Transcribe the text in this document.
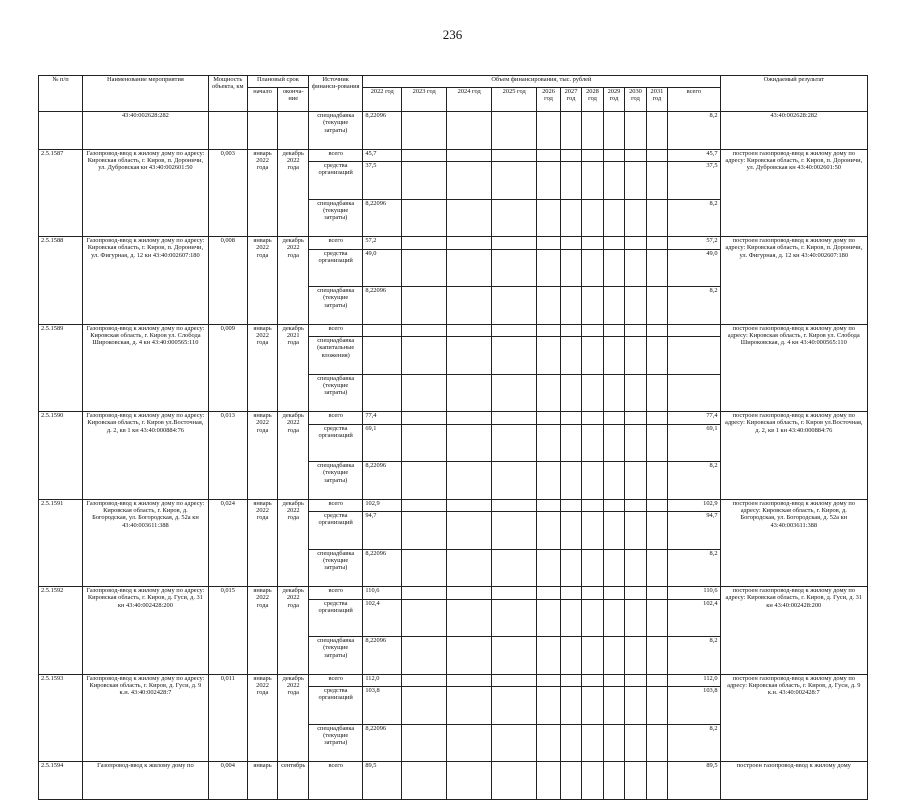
236
№ п/п	Наименование мероприятия	Мощность объекта, км	Плановый срок		Источник финанси-рования	Объем финансирования, тыс. рублей											Ожидаемый результат
			начало	оконча-ние		2022 год	2023 год	2024 год	2025 год	2026 год	2027 год	2028 год	2029 год	2030 год	2031 год	всего	

	43:40:002628:282				спецнадбавка (текущие затраты)	8,22096										8,2	43:40:002628:282
2.5.1587	Газопровод-ввод к жилому дому по адресу: Кировская область, г. Киров, п. Дороничи, ул. Дубровская кн 43:40:002601:50	0,003	январь 2022 года	декабрь 2022 года	всего	45,7										45,7	построен газопровод-ввод к жилому дому по адресу: Кировская область, г. Киров, п. Дороничи, ул. Дубровская кн 43:40:002601:50
					средства организаций	37,5										37,5	
					спецнадбавка (текущие затраты)	8,22096										8,2	
2.5.1588	Газопровод-ввод к жилому дому по адресу: Кировская область, г. Киров, п. Дороничи, ул. Фигурная, д. 12 кн 43:40:002607:180	0,008	январь 2022 года	декабрь 2022 года	всего	57,2										57,2	построен газопровод-ввод к жилому дому по адресу: Кировская область, г. Киров, п. Дороничи, ул. Фигурная, д. 12 кн 43:40:002607:180
					средства организаций	49,0										49,0	
					спецнадбавка (текущие затраты)	8,22096										8,2	
2.5.1589	Газопровод-ввод к жилому дому по адресу: Кировская область, г. Киров ул. Слобода Широковская, д. 4 кн 43:40:000565:110	0,009	январь 2022 года	декабрь 2021 года	всего												построен газопровод-ввод к жилому дому по адресу: Кировская область, г. Киров ул. Слобода Широковская, д. 4 кн 43:40:000565:110
					спецнадбавка (капитальные вложения)												
					спецнадбавка (текущие затраты)												
2.5.1590	Газопровод-ввод к жилому дому по адресу: Кировская область, г. Киров ул.Восточная, д. 2, кв 1 кн 43:40:000884:76	0,013	январь 2022 года	декабрь 2022 года	всего	77,4										77,4	построен газопровод-ввод к жилому дому по адресу: Кировская область, г. Киров ул.Восточная, д. 2, кв 1 кн 43:40:000884:76
					средства организаций	69,1										69,1	
					спецнадбавка (текущие затраты)	8,22096										8,2	
2.5.1591	Газопровод-ввод к жилому дому по адресу: Кировская область, г. Киров, д. Богородская, ул. Богородская, д. 52а кн 43:40:003611:388	0,024	январь 2022 года	декабрь 2022 года	всего	102,9										102,9	построен газопровод-ввод к жилому дому по адресу: Кировская область, г. Киров, д. Богородская, ул. Богородская, д. 52а кн 43:40:003611:388
					средства организаций	94,7										94,7	
					спецнадбавка (текущие затраты)	8,22096										8,2	
2.5.1592	Газопровод-ввод к жилому дому по адресу: Кировская область, г. Киров, д. Гуси, д. 31 кн 43:40:002428:200	0,015	январь 2022 года	декабрь 2022 года	всего	110,6										110,6	построен газопровод-ввод к жилому дому по адресу: Кировская область, г. Киров, д. Гуси, д. 31 кн 43:40:002428:200
					средства организаций	102,4										102,4	
					спецнадбавка (текущие затраты)	8,22096										8,2	
2.5.1593	Газопровод-ввод к жилому дому по адресу: Кировская область, г. Киров, д. Гуси, д. 9 к.н. 43:40:002428:7	0,011	январь 2022 года	декабрь 2022 года	всего	112,0										112,0	построен газопровод-ввод к жилому дому по адресу: Кировская область, г. Киров, д. Гуси, д. 9 к.н. 43:40:002428:7
					средства организаций	103,8										103,8	
					спецнадбавка (текущие затраты)	8,22096										8,2	
2.5.1594	Газопровод-ввод к жилому дому по	0,004	январь	сентябрь	всего	89,5										89,5	построен газопровод-ввод к жилому дому
